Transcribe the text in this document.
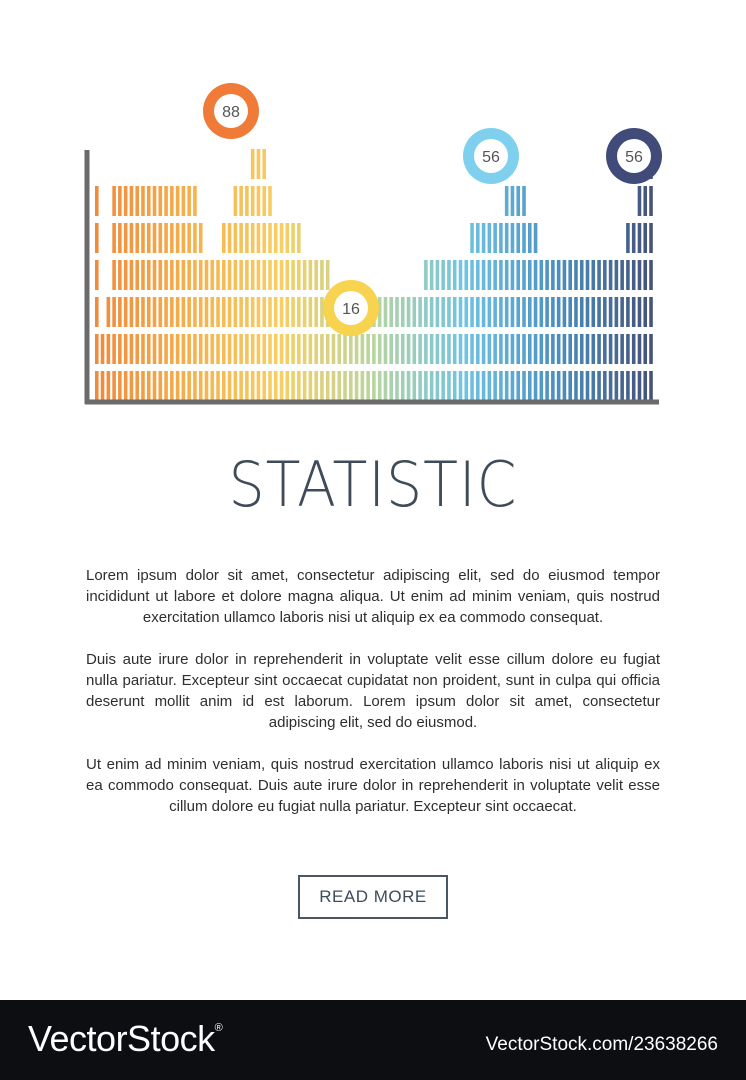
88
16
56	56
STATISTIC

Lorem ipsum dolor sit amet, consectetur adipiscing elit, sed do eiusmod tempor incididunt ut labore et dolore magna aliqua. Ut enim ad minim veniam, quis nostrud exercitation ullamco laboris nisi ut aliquip ex ea commodo consequat.

Duis aute irure dolor in reprehenderit in voluptate velit esse cillum dolore eu fugiat nulla pariatur. Excepteur sint occaecat cupidatat non proident, sunt in culpa qui officia deserunt mollit anim id est laborum. Lorem ipsum dolor sit amet, consectetur adipiscing elit, sed do eiusmod.

Ut enim ad minim veniam, quis nostrud exercitation ullamco laboris nisi ut aliquip ex ea commodo consequat. Duis aute irure dolor in reprehenderit in voluptate velit esse cillum dolore eu fugiat nulla pariatur. Excepteur sint occaecat.

READ MORE
VectorStock®
VectorStock.com/23638266
